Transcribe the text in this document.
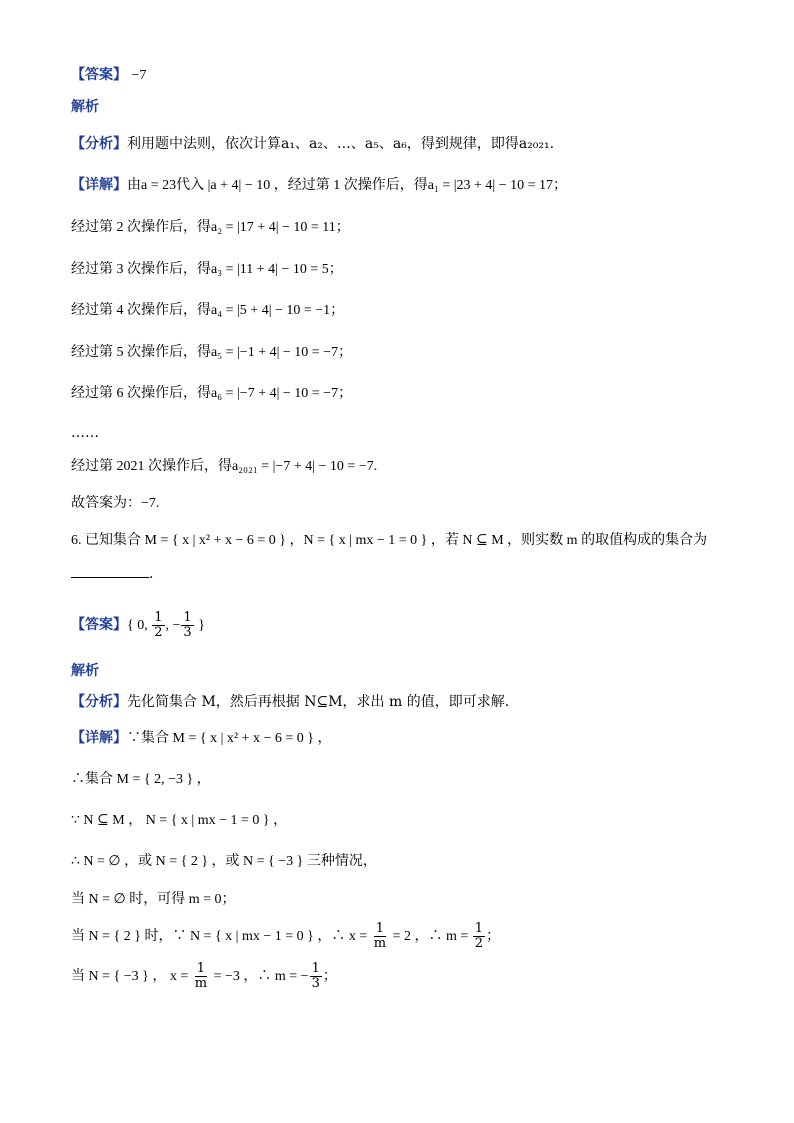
【答案】 −7
解析
【分析】利用题中法则，依次计算a₁、a₂、…、a₅、a₆，得到规律，即得a₂₀₂₁.
【详解】由a = 23代入 |a + 4| − 10 ，经过第 1 次操作后，得a₁ = |23 + 4| − 10 = 17；
经过第 2 次操作后，得a₂ = |17 + 4| − 10 = 11；
经过第 3 次操作后，得a₃ = |11 + 4| − 10 = 5；
经过第 4 次操作后，得a₄ = |5 + 4| − 10 = −1；
经过第 5 次操作后，得a₅ = |−1 + 4| − 10 = −7；
经过第 6 次操作后，得a₆ = |−7 + 4| − 10 = −7；
……
经过第 2021 次操作后，得a₂₀₂₁ = |−7 + 4| − 10 = −7.
故答案为：−7.
6. 已知集合 M = { x | x² + x − 6 = 0 } ，N = { x | mx − 1 = 0 } ，若 N ⊆ M ，则实数 m 的取值构成的集合为
.
【答案】{ 0, $\frac{1}{2}$ , − $\frac{1}{3}$ }
解析
【分析】先化简集合 M，然后再根据 N⊆M，求出 m 的值，即可求解.
【详解】∵集合 M = { x | x² + x − 6 = 0 } ，
∴集合 M = { 2, −3 } ，
∵ N ⊆ M ， N = { x | mx − 1 = 0 } ，
∴ N = ∅ ，或 N = { 2 } ，或 N = { −3 } 三种情况，
当 N = ∅ 时，可得 m = 0；
当 N = { 2 } 时，∵ N = { x | mx − 1 = 0 } ，∴ $x = \frac{1}{m} = 2$ ，∴ $m = \frac{1}{2}$ ；
当 N = { −3 } ， $x = \frac{1}{m} = -3$ ，∴ m = − $\frac{1}{3}$ ；
